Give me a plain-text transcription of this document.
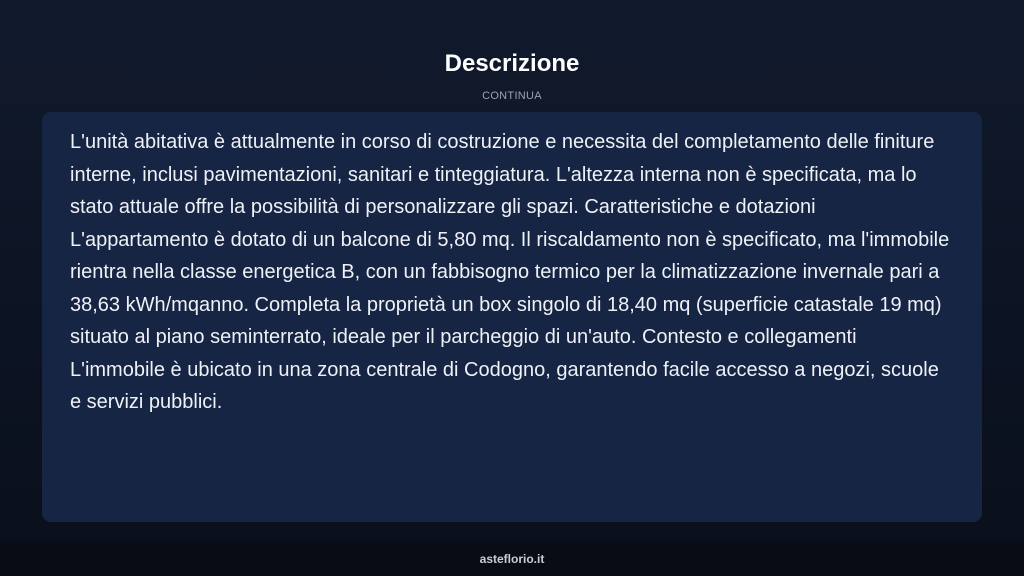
Descrizione
CONTINUA

L'unità abitativa è attualmente in corso di costruzione e necessita del completamento delle finiture interne, inclusi pavimentazioni, sanitari e tinteggiatura. L'altezza interna non è specificata, ma lo stato attuale offre la possibilità di personalizzare gli spazi. Caratteristiche e dotazioni L'appartamento è dotato di un balcone di 5,80 mq. Il riscaldamento non è specificato, ma l'immobile rientra nella classe energetica B, con un fabbisogno termico per la climatizzazione invernale pari a 38,63 kWh/mqanno. Completa la proprietà un box singolo di 18,40 mq (superficie catastale 19 mq) situato al piano seminterrato, ideale per il parcheggio di un'auto. Contesto e collegamenti L'immobile è ubicato in una zona centrale di Codogno, garantendo facile accesso a negozi, scuole e servizi pubblici.

asteflorio.it
